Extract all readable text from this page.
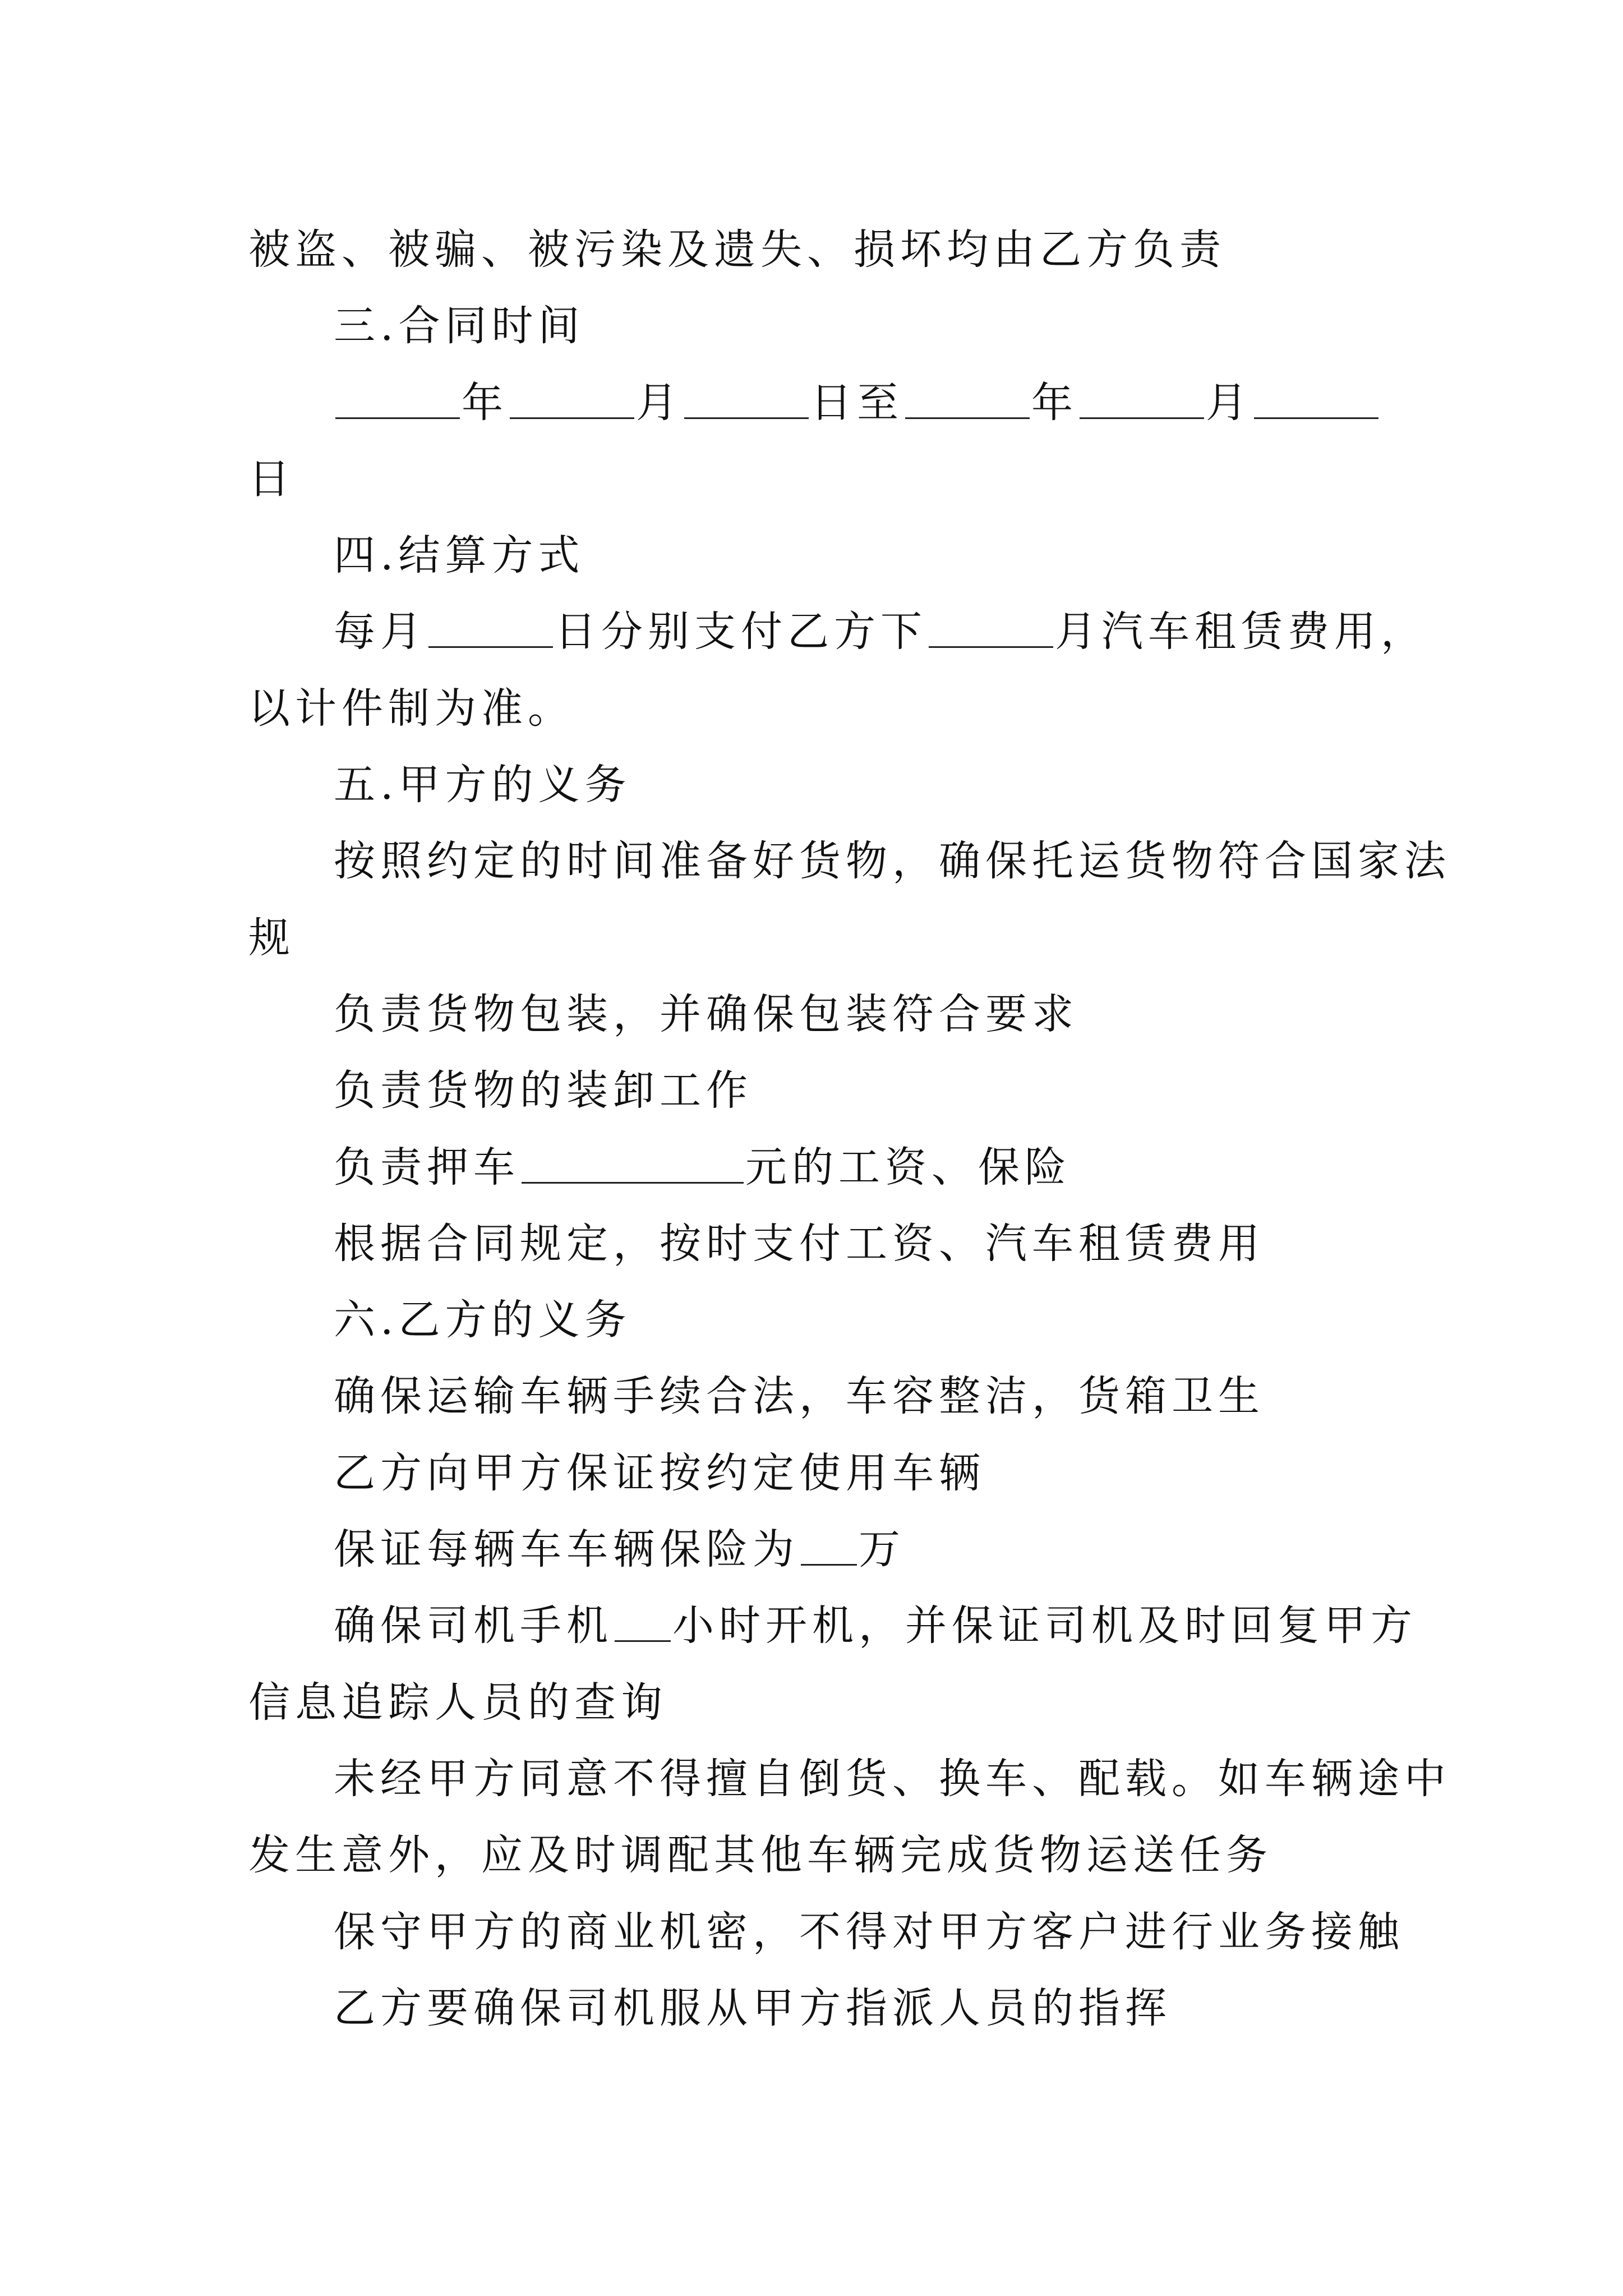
被盗、被骗、被污染及遗失、损坏均由乙方负责
三.合同时间
年	月	日至	年	月
日
四.结算方式
每月	日分别支付乙方下	月汽车租赁费用，
以计件制为准。
五.甲方的义务
按照约定的时间准备好货物，确保托运货物符合国家法
规
负责货物包装，并确保包装符合要求
负责货物的装卸工作
负责押车	元的工资、保险
根据合同规定，按时支付工资、汽车租赁费用
六.乙方的义务
确保运输车辆手续合法，车容整洁，货箱卫生
乙方向甲方保证按约定使用车辆
保证每辆车车辆保险为 万
确保司机手机 小时开机，并保证司机及时回复甲方
信息追踪人员的查询
未经甲方同意不得擅自倒货、换车、配载。如车辆途中
发生意外，应及时调配其他车辆完成货物运送任务
保守甲方的商业机密，不得对甲方客户进行业务接触
乙方要确保司机服从甲方指派人员的指挥
